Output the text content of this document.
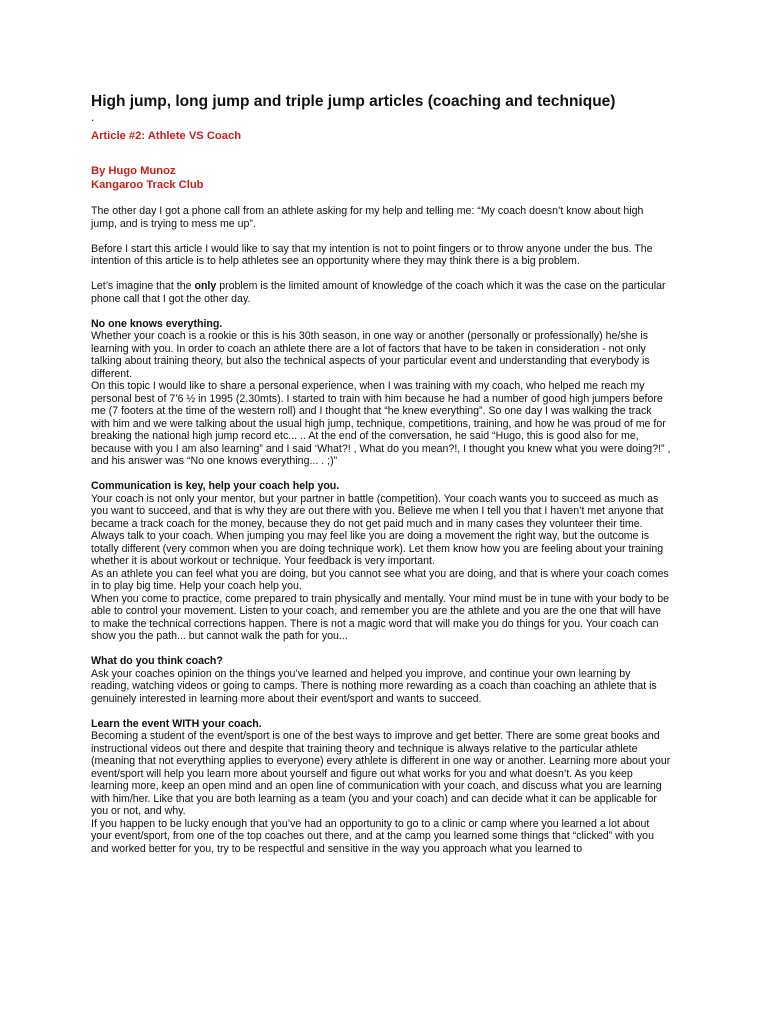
High jump, long jump and triple jump articles (coaching and technique)
.
Article #2: Athlete VS Coach
By Hugo Munoz
Kangaroo Track Club

The other day I got a phone call from an athlete asking for my help and telling me: “My coach doesn’t know about high jump, and is trying to mess me up”.

Before I start this article I would like to say that my intention is not to point fingers or to throw anyone under the bus. The intention of this article is to help athletes see an opportunity where they may think there is a big problem.

Let’s imagine that the only problem is the limited amount of knowledge of the coach which it was the case on the particular phone call that I got the other day.

No one knows everything.

Whether your coach is a rookie or this is his 30th season, in one way or another (personally or professionally) he/she is learning with you. In order to coach an athlete there are a lot of factors that have to be taken in consideration - not only talking about training theory, but also the technical aspects of your particular event and understanding that everybody is different.

On this topic I would like to share a personal experience, when I was training with my coach, who helped me reach my personal best of 7’6 ½ in 1995 (2.30mts). I started to train with him because he had a number of good high jumpers before me (7 footers at the time of the western roll) and I thought that “he knew everything”. So one day I was walking the track with him and we were talking about the usual high jump, technique, competitions, training, and how he was proud of me for breaking the national high jump record etc... .. At the end of the conversation, he said “Hugo, this is good also for me, because with you I am also learning” and I said ‘What?! , What do you mean?!, I thought you knew what you were doing?!” , and his answer was “No one knows everything... . ;)”

Communication is key, help your coach help you.

Your coach is not only your mentor, but your partner in battle (competition). Your coach wants you to succeed as much as you want to succeed, and that is why they are out there with you. Believe me when I tell you that I haven’t met anyone that became a track coach for the money, because they do not get paid much and in many cases they volunteer their time.

Always talk to your coach. When jumping you may feel like you are doing a movement the right way, but the outcome is totally different (very common when you are doing technique work). Let them know how you are feeling about your training whether it is about workout or technique. Your feedback is very important.

As an athlete you can feel what you are doing, but you cannot see what you are doing, and that is where your coach comes in to play big time. Help your coach help you.

When you come to practice, come prepared to train physically and mentally. Your mind must be in tune with your body to be able to control your movement. Listen to your coach, and remember you are the athlete and you are the one that will have to make the technical corrections happen. There is not a magic word that will make you do things for you. Your coach can show you the path... but cannot walk the path for you...

What do you think coach?

Ask your coaches opinion on the things you’ve learned and helped you improve, and continue your own learning by reading, watching videos or going to camps. There is nothing more rewarding as a coach than coaching an athlete that is genuinely interested in learning more about their event/sport and wants to succeed.

Learn the event WITH your coach.

Becoming a student of the event/sport is one of the best ways to improve and get better. There are some great books and instructional videos out there and despite that training theory and technique is always relative to the particular athlete (meaning that not everything applies to everyone) every athlete is different in one way or another. Learning more about your event/sport will help you learn more about yourself and figure out what works for you and what doesn’t. As you keep learning more, keep an open mind and an open line of communication with your coach, and discuss what you are learning with him/her. Like that you are both learning as a team (you and your coach) and can decide what it can be applicable for you or not, and why.

If you happen to be lucky enough that you’ve had an opportunity to go to a clinic or camp where you learned a lot about your event/sport, from one of the top coaches out there, and at the camp you learned some things that “clicked” with you and worked better for you, try to be respectful and sensitive in the way you approach what you learned to
